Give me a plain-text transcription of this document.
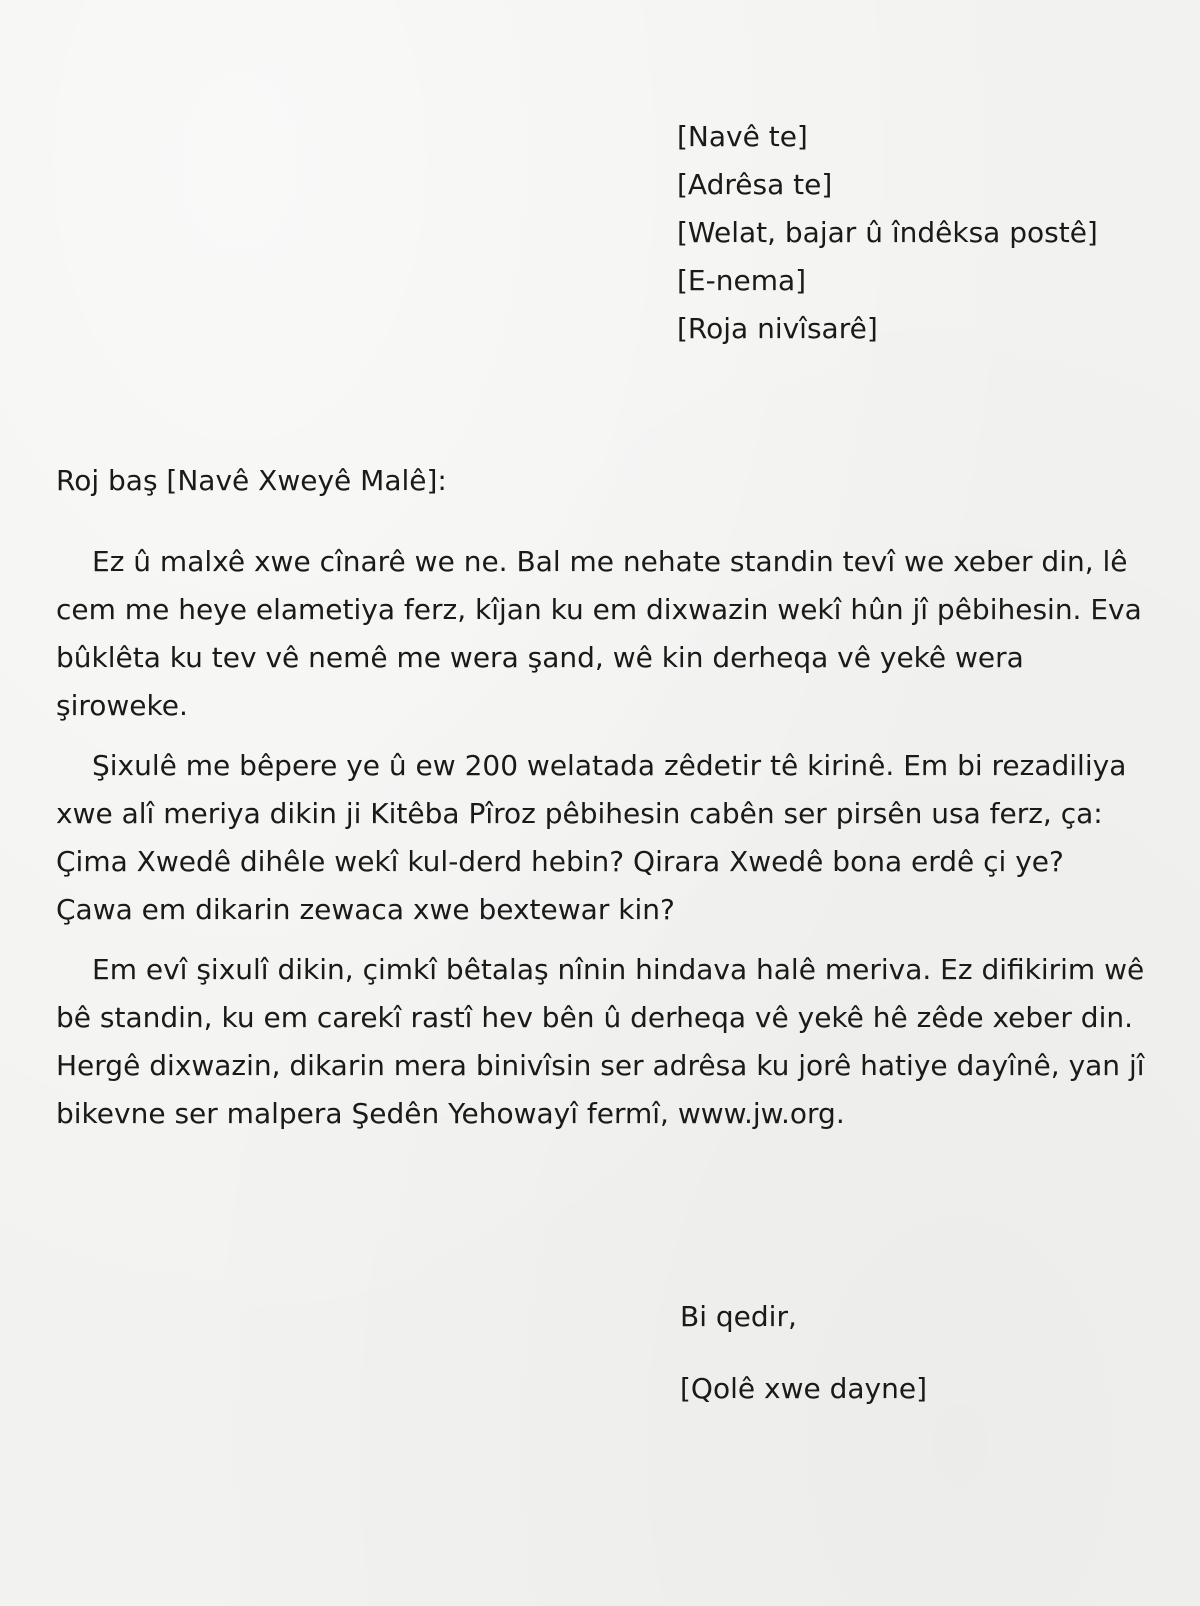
[Navê te]
[Adrêsa te]
[Welat, bajar û îndêksa postê]
[E-nema]
[Roja nivîsarê]
Roj baş [Navê Xweyê Malê]:

Ez û malxê xwe cînarê we ne. Bal me nehate standin tevî we xeber din, lê cem me heye elametiya ferz, kîjan ku em dixwazin wekî hûn jî pêbihesin. Eva bûklêta ku tev vê nemê me wera şand, wê kin derheqa vê yekê wera şiroweke.

Şixulê me bêpere ye û ew 200 welatada zêdetir tê kirinê. Em bi rezadiliya xwe alî meriya dikin ji Kitêba Pîroz pêbihesin cabên ser pirsên usa ferz, ça: Çima Xwedê dihêle wekî kul-derd hebin? Qirara Xwedê bona erdê çi ye? Çawa em dikarin zewaca xwe bextewar kin?

Em evî şixulî dikin, çimkî bêtalaş nînin hindava halê meriva. Ez difikirim wê bê standin, ku em carekî rastî hev bên û derheqa vê yekê hê zêde xeber din. Hergê dixwazin, dikarin mera binivîsin ser adrêsa ku jorê hatiye dayînê, yan jî bikevne ser malpera Şedên Yehowayî fermî, www.jw.org.

Bi qedir,
[Qolê xwe dayne]
